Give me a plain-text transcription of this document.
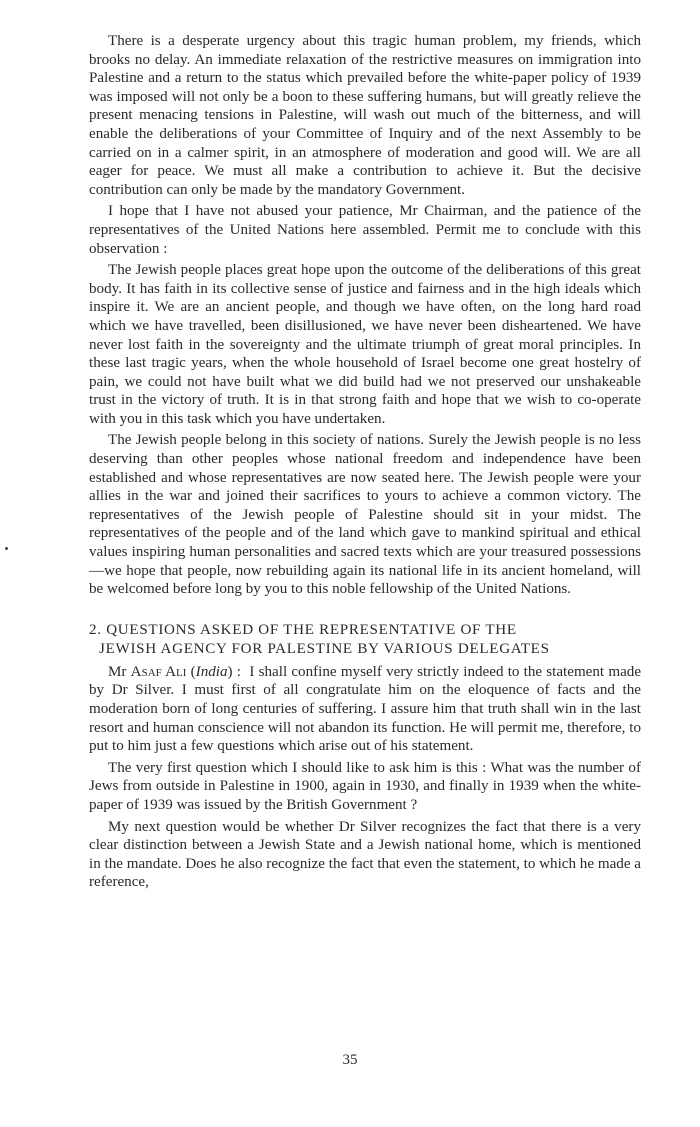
There is a desperate urgency about this tragic human problem, my friends, which brooks no delay. An immediate relaxation of the restrictive measures on immigration into Palestine and a return to the status which prevailed before the white-paper policy of 1939 was imposed will not only be a boon to these suffering humans, but will greatly relieve the present menacing tensions in Palestine, will wash out much of the bitterness, and will enable the deliberations of your Committee of Inquiry and of the next Assembly to be carried on in a calmer spirit, in an atmosphere of moderation and good will. We are all eager for peace. We must all make a contribution to achieve it. But the decisive contribution can only be made by the mandatory Government.

I hope that I have not abused your patience, Mr Chairman, and the patience of the representatives of the United Nations here assembled. Permit me to conclude with this observation :

The Jewish people places great hope upon the outcome of the deliberations of this great body. It has faith in its collective sense of justice and fairness and in the high ideals which inspire it. We are an ancient people, and though we have often, on the long hard road which we have travelled, been disillusioned, we have never been disheartened. We have never lost faith in the sovereignty and the ultimate triumph of great moral principles. In these last tragic years, when the whole household of Israel become one great hostelry of pain, we could not have built what we did build had we not preserved our unshakeable trust in the victory of truth. It is in that strong faith and hope that we wish to co-operate with you in this task which you have undertaken.

The Jewish people belong in this society of nations. Surely the Jewish people is no less deserving than other peoples whose national freedom and independence have been established and whose representatives are now seated here. The Jewish people were your allies in the war and joined their sacrifices to yours to achieve a common victory. The representatives of the Jewish people of Palestine should sit in your midst. The representatives of the people and of the land which gave to mankind spiritual and ethical values inspiring human personalities and sacred texts which are your treasured possessions—we hope that people, now rebuilding again its national life in its ancient homeland, will be welcomed before long by you to this noble fellowship of the United Nations.

2. QUESTIONS ASKED OF THE REPRESENTATIVE OF THE
JEWISH AGENCY FOR PALESTINE BY VARIOUS DELEGATES

Mr Asaf Ali (India) : I shall confine myself very strictly indeed to the statement made by Dr Silver. I must first of all congratulate him on the eloquence of facts and the moderation born of long centuries of suffering. I assure him that truth shall win in the last resort and human conscience will not abandon its function. He will permit me, therefore, to put to him just a few questions which arise out of his statement.

The very first question which I should like to ask him is this : What was the number of Jews from outside in Palestine in 1900, again in 1930, and finally in 1939 when the white-paper of 1939 was issued by the British Government ?

My next question would be whether Dr Silver recognizes the fact that there is a very clear distinction between a Jewish State and a Jewish national home, which is mentioned in the mandate. Does he also recognize the fact that even the statement, to which he made a reference,

35
